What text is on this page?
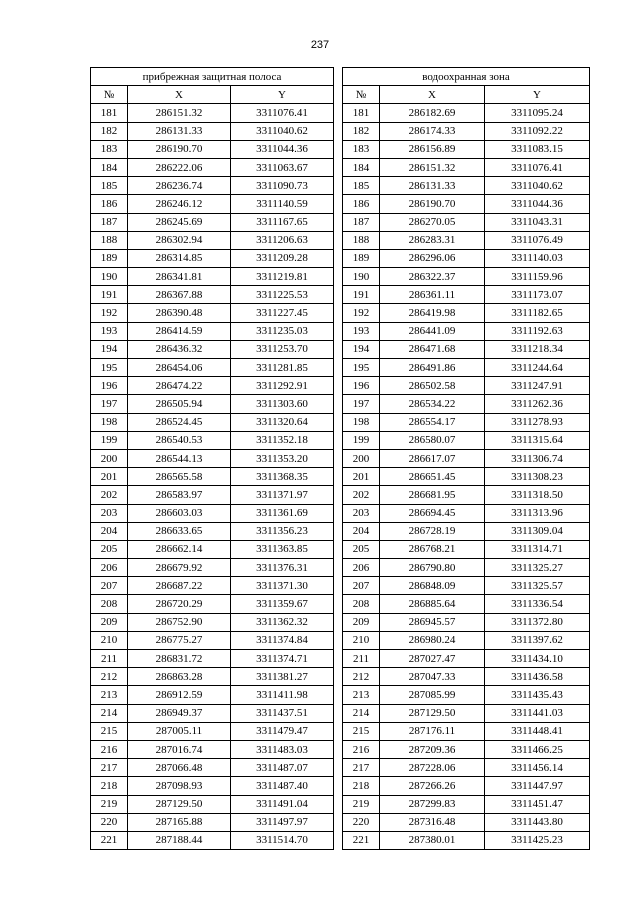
237
прибрежная защитная полоса		
№	X	Y
181	286151.32	3311076.41
182	286131.33	3311040.62
183	286190.70	3311044.36
184	286222.06	3311063.67
185	286236.74	3311090.73
186	286246.12	3311140.59
187	286245.69	3311167.65
188	286302.94	3311206.63
189	286314.85	3311209.28
190	286341.81	3311219.81
191	286367.88	3311225.53
192	286390.48	3311227.45
193	286414.59	3311235.03
194	286436.32	3311253.70
195	286454.06	3311281.85
196	286474.22	3311292.91
197	286505.94	3311303.60
198	286524.45	3311320.64
199	286540.53	3311352.18
200	286544.13	3311353.20
201	286565.58	3311368.35
202	286583.97	3311371.97
203	286603.03	3311361.69
204	286633.65	3311356.23
205	286662.14	3311363.85
206	286679.92	3311376.31
207	286687.22	3311371.30
208	286720.29	3311359.67
209	286752.90	3311362.32
210	286775.27	3311374.84
211	286831.72	3311374.71
212	286863.28	3311381.27
213	286912.59	3311411.98
214	286949.37	3311437.51
215	287005.11	3311479.47
216	287016.74	3311483.03
217	287066.48	3311487.07
218	287098.93	3311487.40
219	287129.50	3311491.04
220	287165.88	3311497.97
221	287188.44	3311514.70
водоохранная зона		
№	X	Y
181	286182.69	3311095.24
182	286174.33	3311092.22
183	286156.89	3311083.15
184	286151.32	3311076.41
185	286131.33	3311040.62
186	286190.70	3311044.36
187	286270.05	3311043.31
188	286283.31	3311076.49
189	286296.06	3311140.03
190	286322.37	3311159.96
191	286361.11	3311173.07
192	286419.98	3311182.65
193	286441.09	3311192.63
194	286471.68	3311218.34
195	286491.86	3311244.64
196	286502.58	3311247.91
197	286534.22	3311262.36
198	286554.17	3311278.93
199	286580.07	3311315.64
200	286617.07	3311306.74
201	286651.45	3311308.23
202	286681.95	3311318.50
203	286694.45	3311313.96
204	286728.19	3311309.04
205	286768.21	3311314.71
206	286790.80	3311325.27
207	286848.09	3311325.57
208	286885.64	3311336.54
209	286945.57	3311372.80
210	286980.24	3311397.62
211	287027.47	3311434.10
212	287047.33	3311436.58
213	287085.99	3311435.43
214	287129.50	3311441.03
215	287176.11	3311448.41
216	287209.36	3311466.25
217	287228.06	3311456.14
218	287266.26	3311447.97
219	287299.83	3311451.47
220	287316.48	3311443.80
221	287380.01	3311425.23
